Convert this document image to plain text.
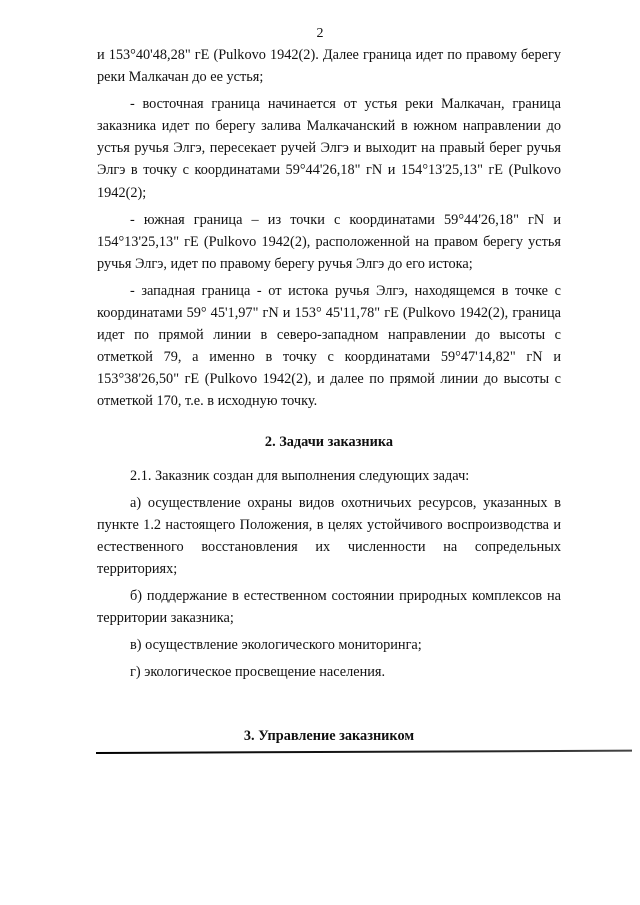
2

и 153°40'48,28" гЕ (Pulkovo 1942(2). Далее граница идет по правому берегу реки Малкачан до ее устья;

- восточная граница начинается от устья реки Малкачан, граница заказника идет по берегу залива Малкачанский в южном направлении до устья ручья Элгэ, пересекает ручей Элгэ и выходит на правый берег ручья Элгэ в точку с координатами 59°44'26,18" гN и 154°13'25,13" гЕ (Pulkovo 1942(2);

- южная граница – из точки с координатами 59°44'26,18" гN и 154°13'25,13" гЕ (Pulkovo 1942(2), расположенной на правом берегу устья ручья Элгэ, идет по правому берегу ручья Элгэ до его истока;

- западная граница - от истока ручья Элгэ, находящемся в точке с координатами 59° 45'1,97" гN и 153° 45'11,78" гЕ (Pulkovo 1942(2), граница идет по прямой линии в северо-западном направлении до высоты с отметкой 79, а именно в точку с координатами 59°47'14,82" гN и 153°38'26,50" гЕ (Pulkovo 1942(2), и далее по прямой линии до высоты с отметкой 170, т.е. в исходную точку.

2. Задачи заказника

2.1. Заказник создан для выполнения следующих задач:

а) осуществление охраны видов охотничьих ресурсов, указанных в пункте 1.2 настоящего Положения, в целях устойчивого воспроизводства и естественного восстановления их численности на сопредельных территориях;

б) поддержание в естественном состоянии природных комплексов на территории заказника;

в) осуществление экологического мониторинга;

г) экологическое просвещение населения.

3. Управление заказником
